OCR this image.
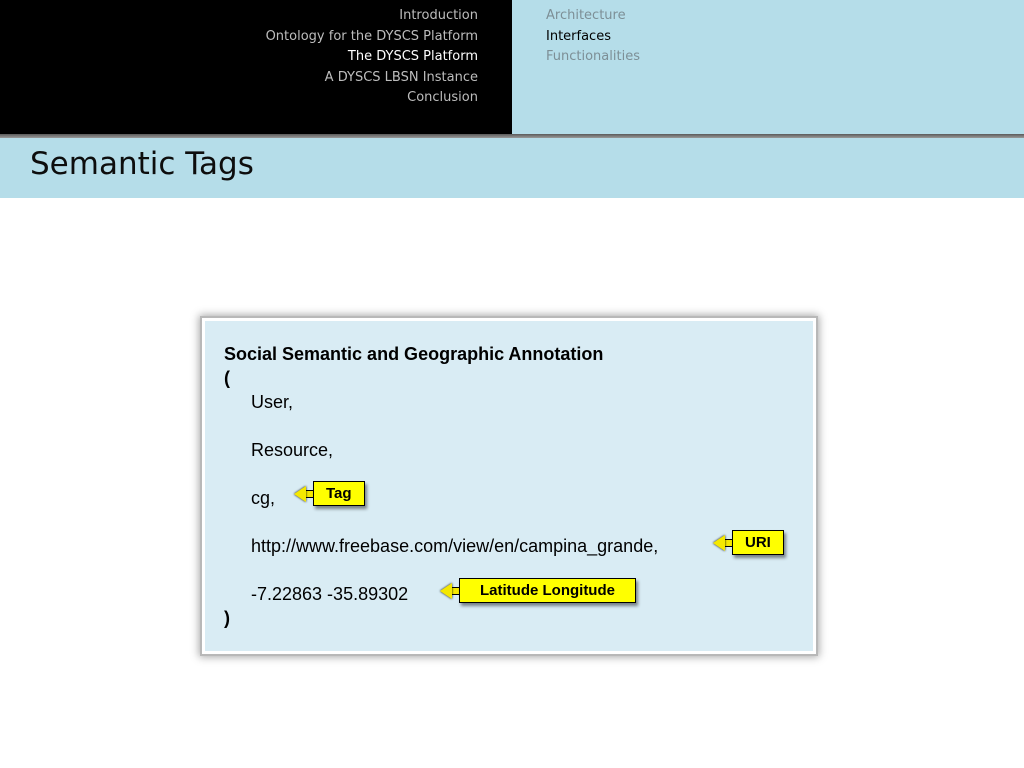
Introduction
Ontology for the DYSCS Platform
The DYSCS Platform
A DYSCS LBSN Instance
Conclusion
Architecture
Interfaces
Functionalities
Semantic Tags
Social Semantic and Geographic Annotation
(
User,
Resource,
cg,
http://www.freebase.com/view/en/campina_grande,
-7.22863 -35.89302
)
Tag
URI
Latitude Longitude
